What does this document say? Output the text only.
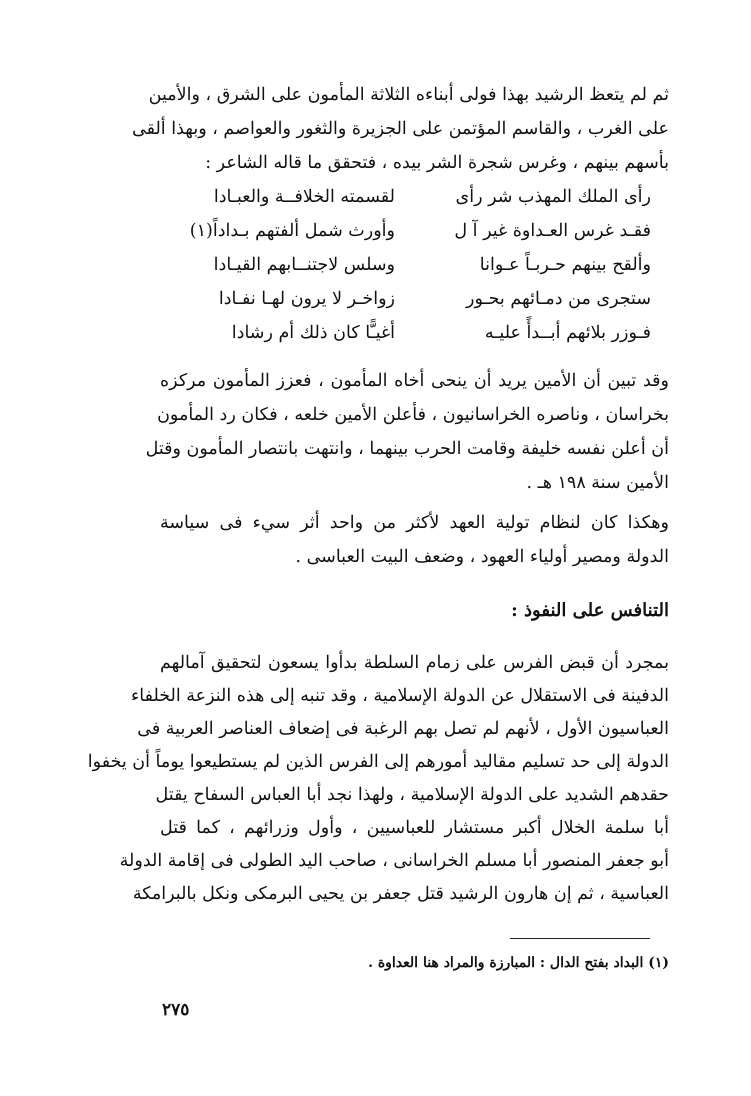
ثم لم يتعظ الرشيد بهذا فولى أبناءه الثلاثة المأمون على الشرق ، والأمين
على الغرب ، والقاسم المؤتمن على الجزيرة والثغور والعواصم ، وبهذا ألقى
بأسهم بينهم ، وغرس شجرة الشر بيده ، فتحقق ما قاله الشاعر :
رأى الملك المهذب شر رأى
لقسمته الخلافــة والعبـادا
فقـد غرس العـداوة غير آ ل
وأورث شمل ألفتهم بـداداً(١)
وألقح بينهم حـربـاً عـوانا
وسلس لاجتنــابهم القيـادا
ستجرى من دمـائهم بحـور
زواخـر لا يرون لهـا نفـادا
فـوزر بلائهم أبــدأً عليـه
أغيـًّا كان ذلك أم رشادا
وقد تبين أن الأمين يريد أن ينحى أخاه المأمون ، فعزز المأمون مركزه
بخراسان ، وناصره الخراسانيون ، فأعلن الأمين خلعه ، فكان رد المأمون
أن أعلن نفسه خليفة وقامت الحرب بينهما ، وانتهت بانتصار المأمون وقتل
الأمين سنة ١٩٨ هـ .
وهكذا كان لنظام تولية العهد لأكثر من واحد أثر سيء فى سياسة
الدولة ومصير أولياء العهود ، وضعف البيت العباسى .
التنافس على النفوذ :
بمجرد أن قبض الفرس على زمام السلطة بدأوا يسعون لتحقيق آمالهم
الدفينة فى الاستقلال عن الدولة الإسلامية ، وقد تنبه إلى هذه النزعة الخلفاء
العباسيون الأول ، لأنهم لم تصل بهم الرغبة فى إضعاف العناصر العربية فى
الدولة إلى حد تسليم مقاليد أمورهم إلى الفرس الذين لم يستطيعوا يوماً أن يخفوا
حقدهم الشديد على الدولة الإسلامية ، ولهذا نجد أبا العباس السفاح يقتل
أبا سلمة الخلال أكبر مستشار للعباسيين ، وأول وزرائهم ، كما قتل
أبو جعفر المنصور أبا مسلم الخراسانى ، صاحب اليد الطولى فى إقامة الدولة
العباسية ، ثم إن هارون الرشيد قتل جعفر بن يحيى البرمكى ونكل بالبرامكة
(١) البداد بفتح الدال : المبارزة والمراد هنا العداوة .
٢٧٥
